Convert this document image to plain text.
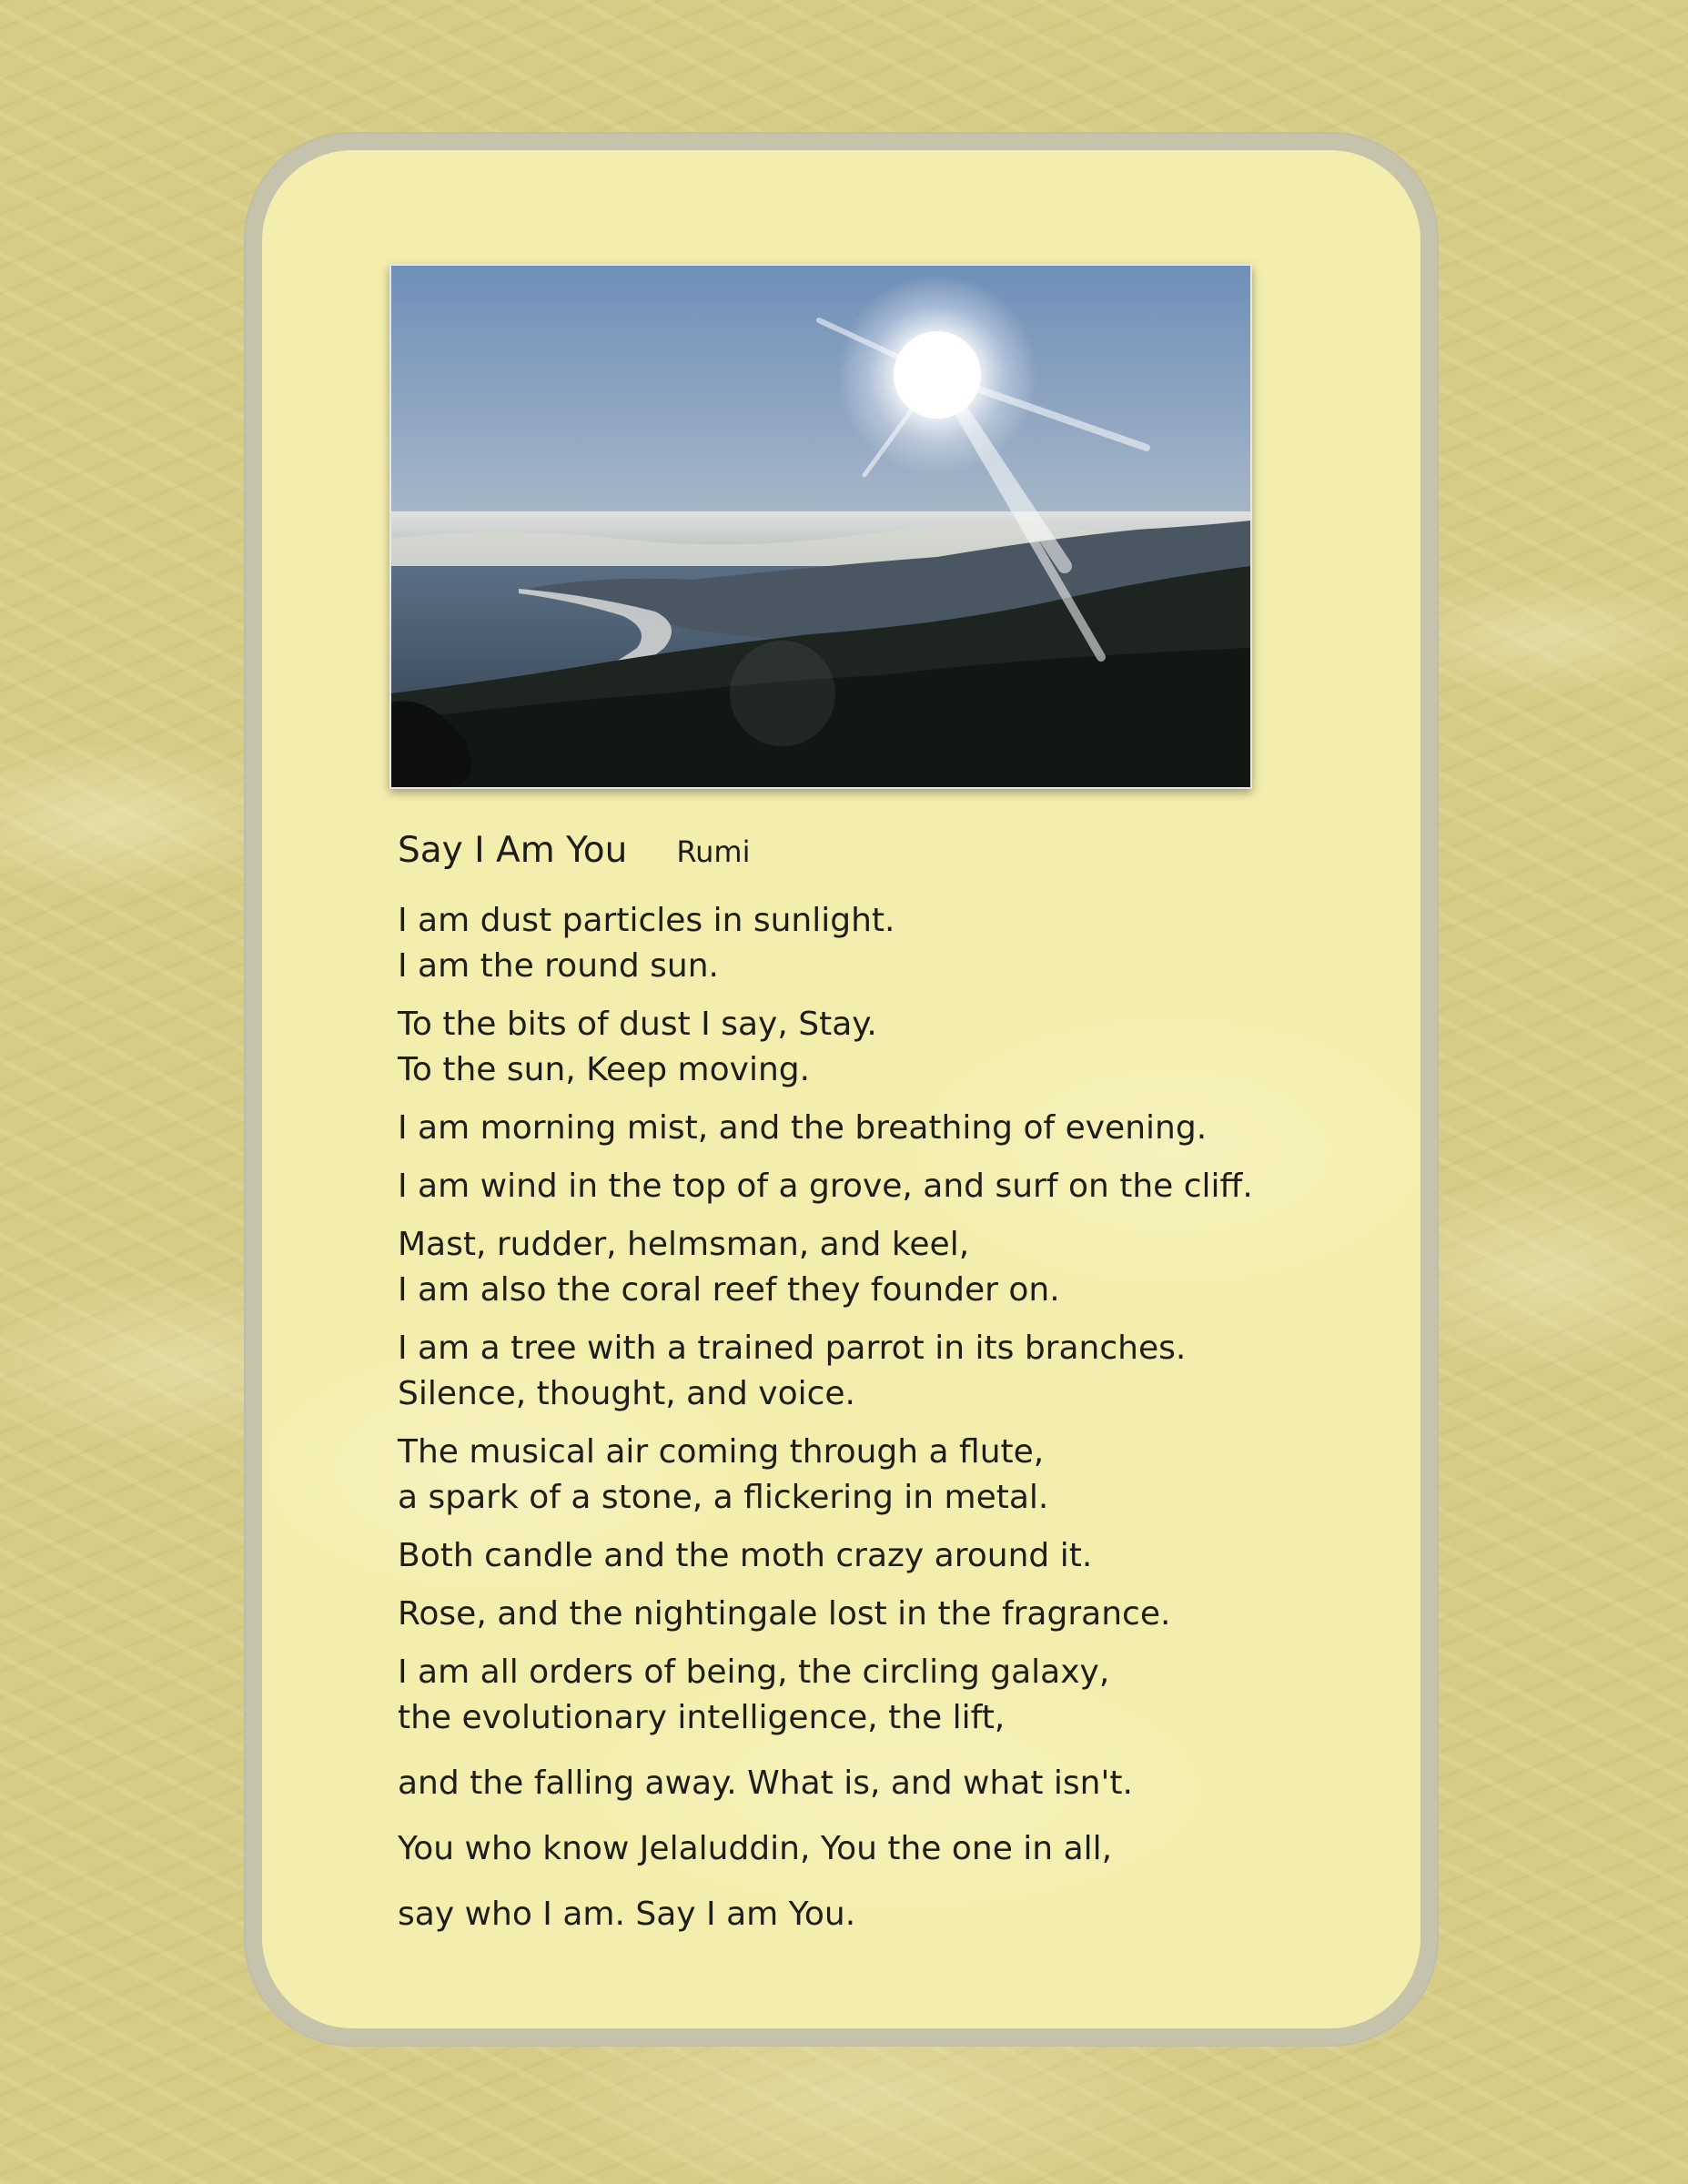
Say I Am You Rumi
I am dust particles in sunlight.
I am the round sun.
To the bits of dust I say, Stay.
To the sun, Keep moving.
I am morning mist, and the breathing of evening.
I am wind in the top of a grove, and surf on the cliff.
Mast, rudder, helmsman, and keel,
I am also the coral reef they founder on.
I am a tree with a trained parrot in its branches.
Silence, thought, and voice.
The musical air coming through a flute,
a spark of a stone, a flickering in metal.
Both candle and the moth crazy around it.
Rose, and the nightingale lost in the fragrance.
I am all orders of being, the circling galaxy,
the evolutionary intelligence, the lift,
and the falling away. What is, and what isn't.
You who know Jelaluddin, You the one in all,
say who I am. Say I am You.
